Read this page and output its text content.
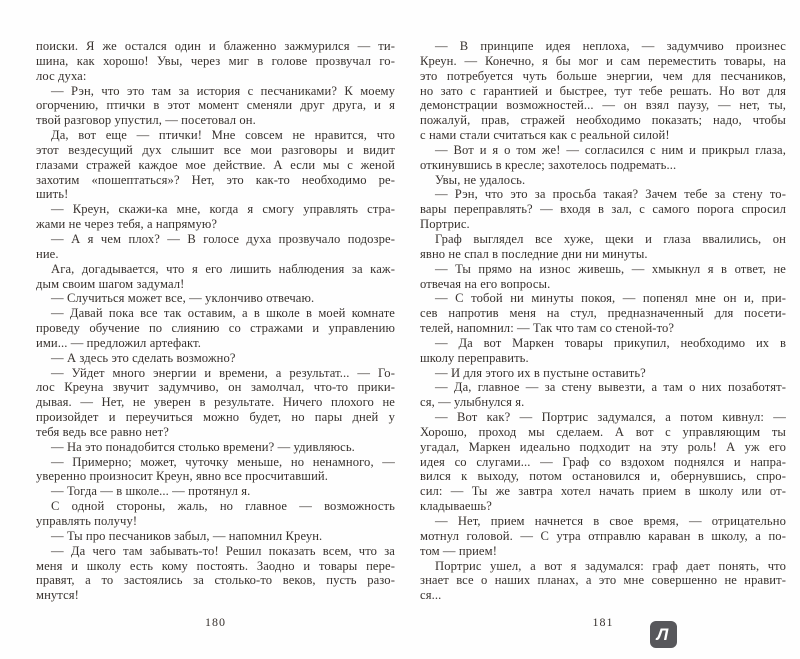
поиски. Я же остался один и блаженно зажмурился — ти-
шина, как хорошо! Увы, через миг в голове прозвучал го-
лос духа:
— Рэн, что это там за история с песчаниками? К моему
огорчению, птички в этот момент сменяли друг друга, и я
твой разговор упустил, — посетовал он.
Да, вот еще — птички! Мне совсем не нравится, что
этот вездесущий дух слышит все мои разговоры и видит
глазами стражей каждое мое действие. А если мы с женой
захотим «пошептаться»? Нет, это как-то необходимо ре-
шить!
— Креун, скажи-ка мне, когда я смогу управлять стра-
жами не через тебя, а напрямую?
— А я чем плох? — В голосе духа прозвучало подозре-
ние.
Ага, догадывается, что я его лишить наблюдения за каж-
дым своим шагом задумал!
— Случиться может все, — уклончиво отвечаю.
— Давай пока все так оставим, а в школе в моей комнате
проведу обучение по слиянию со стражами и управлению
ими... — предложил артефакт.
— А здесь это сделать возможно?
— Уйдет много энергии и времени, а результат... — Го-
лос Креуна звучит задумчиво, он замолчал, что-то прики-
дывая. — Нет, не уверен в результате. Ничего плохого не
произойдет и переучиться можно будет, но пары дней у
тебя ведь все равно нет?
— На это понадобится столько времени? — удивляюсь.
— Примерно; может, чуточку меньше, но ненамного, —
уверенно произносит Креун, явно все просчитавший.
— Тогда — в школе... — протянул я.
С одной стороны, жаль, но главное — возможность
управлять получу!
— Ты про песчаников забыл, — напомнил Креун.
— Да чего там забывать-то! Решил показать всем, что за
меня и школу есть кому постоять. Заодно и товары пере-
правят, а то застоялись за столько-то веков, пусть разо-
мнутся!
180
— В принципе идея неплоха, — задумчиво произнес
Креун. — Конечно, я бы мог и сам переместить товары, на
это потребуется чуть больше энергии, чем для песчаников,
но зато с гарантией и быстрее, тут тебе решать. Но вот для
демонстрации возможностей... — он взял паузу, — нет, ты,
пожалуй, прав, стражей необходимо показать; надо, чтобы
с нами стали считаться как с реальной силой!
— Вот и я о том же! — согласился с ним и прикрыл глаза,
откинувшись в кресле; захотелось подремать...
Увы, не удалось.
— Рэн, что это за просьба такая? Зачем тебе за стену то-
вары переправлять? — входя в зал, с самого порога спросил
Портрис.
Граф выглядел все хуже, щеки и глаза ввалились, он
явно не спал в последние дни ни минуты.
— Ты прямо на износ живешь, — хмыкнул я в ответ, не
отвечая на его вопросы.
— С тобой ни минуты покоя, — попенял мне он и, при-
сев напротив меня на стул, предназначенный для посети-
телей, напомнил: — Так что там со стеной-то?
— Да вот Маркен товары прикупил, необходимо их в
школу переправить.
— И для этого их в пустыне оставить?
— Да, главное — за стену вывезти, а там о них позаботят-
ся, — улыбнулся я.
— Вот как? — Портрис задумался, а потом кивнул: —
Хорошо, проход мы сделаем. А вот с управляющим ты
угадал, Маркен идеально подходит на эту роль! А уж его
идея со слугами... — Граф со вздохом поднялся и напра-
вился к выходу, потом остановился и, обернувшись, спро-
сил: — Ты же завтра хотел начать прием в школу или от-
кладываешь?
— Нет, прием начнется в свое время, — отрицательно
мотнул головой. — С утра отправлю караван в школу, а по-
том — прием!
Портрис ушел, а вот я задумался: граф дает понять, что
знает все о наших планах, а это мне совершенно не нравит-
ся...
181
Л
